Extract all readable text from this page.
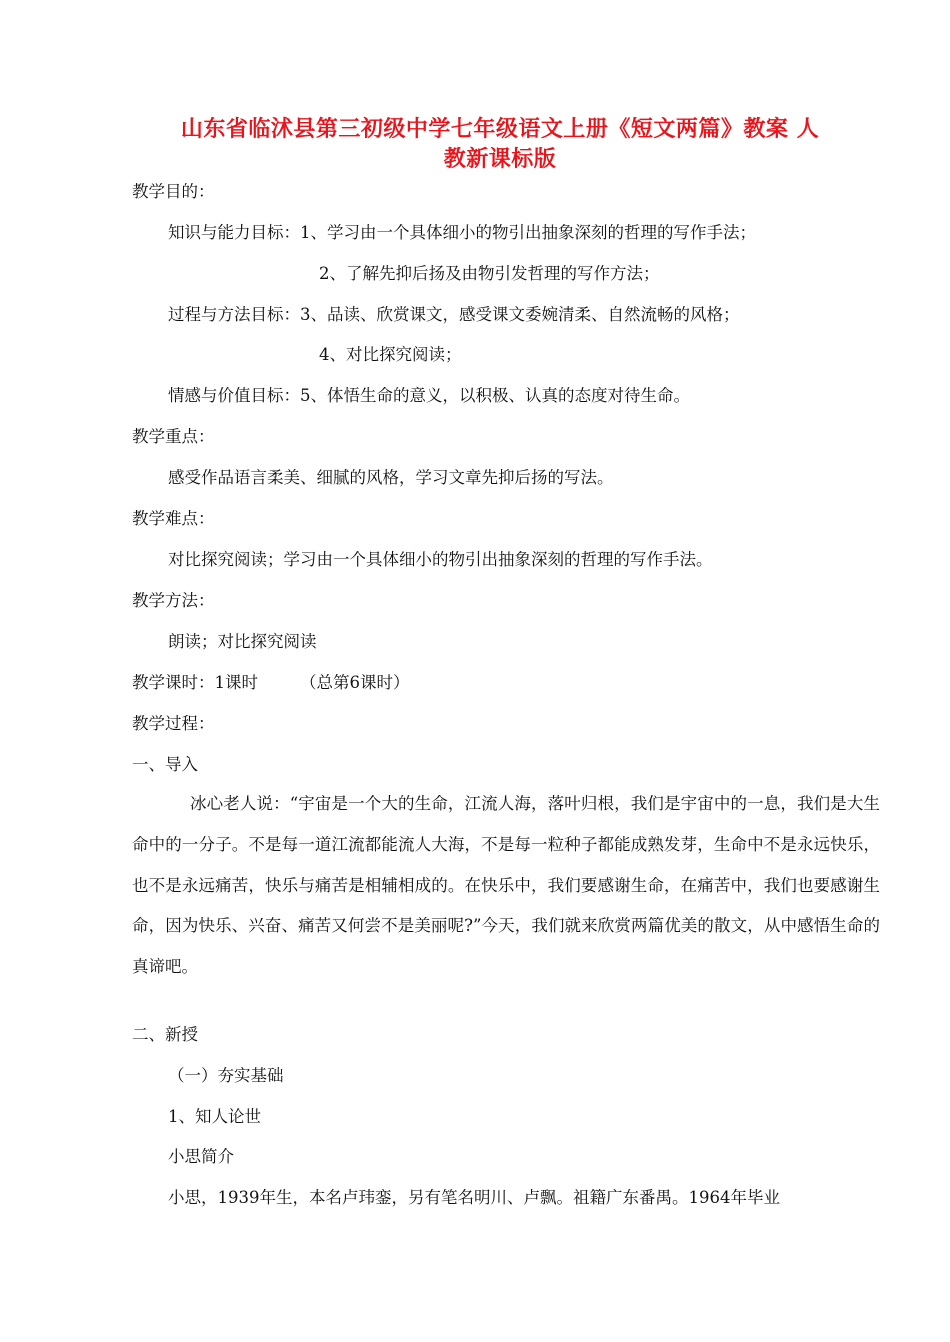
山东省临沭县第三初级中学七年级语文上册《短文两篇》教案 人
教新课标版
教学目的：
知识与能力目标：1、学习由一个具体细小的物引出抽象深刻的哲理的写作手法；
2、了解先抑后扬及由物引发哲理的写作方法；
过程与方法目标：3、品读、欣赏课文，感受课文委婉清柔、自然流畅的风格；
4、对比探究阅读；
情感与价值目标：5、体悟生命的意义，以积极、认真的态度对待生命。
教学重点：
感受作品语言柔美、细腻的风格，学习文章先抑后扬的写法。
教学难点：
对比探究阅读；学习由一个具体细小的物引出抽象深刻的哲理的写作手法。
教学方法：
朗读；对比探究阅读
教学课时：1课时        （总第6课时）
教学过程：
一、导入
冰心老人说：“宇宙是一个大的生命，江流人海，落叶归根，我们是宇宙中的一息，我们是大生命中的一分子。不是每一道江流都能流人大海，不是每一粒种子都能成熟发芽，生命中不是永远快乐，也不是永远痛苦，快乐与痛苦是相辅相成的。在快乐中，我们要感谢生命，在痛苦中，我们也要感谢生命，因为快乐、兴奋、痛苦又何尝不是美丽呢?”今天，我们就来欣赏两篇优美的散文，从中感悟生命的真谛吧。
二、新授
（一）夯实基础
1、知人论世
小思简介
小思，1939年生，本名卢玮銮，另有笔名明川、卢飘。祖籍广东番禺。1964年毕业
